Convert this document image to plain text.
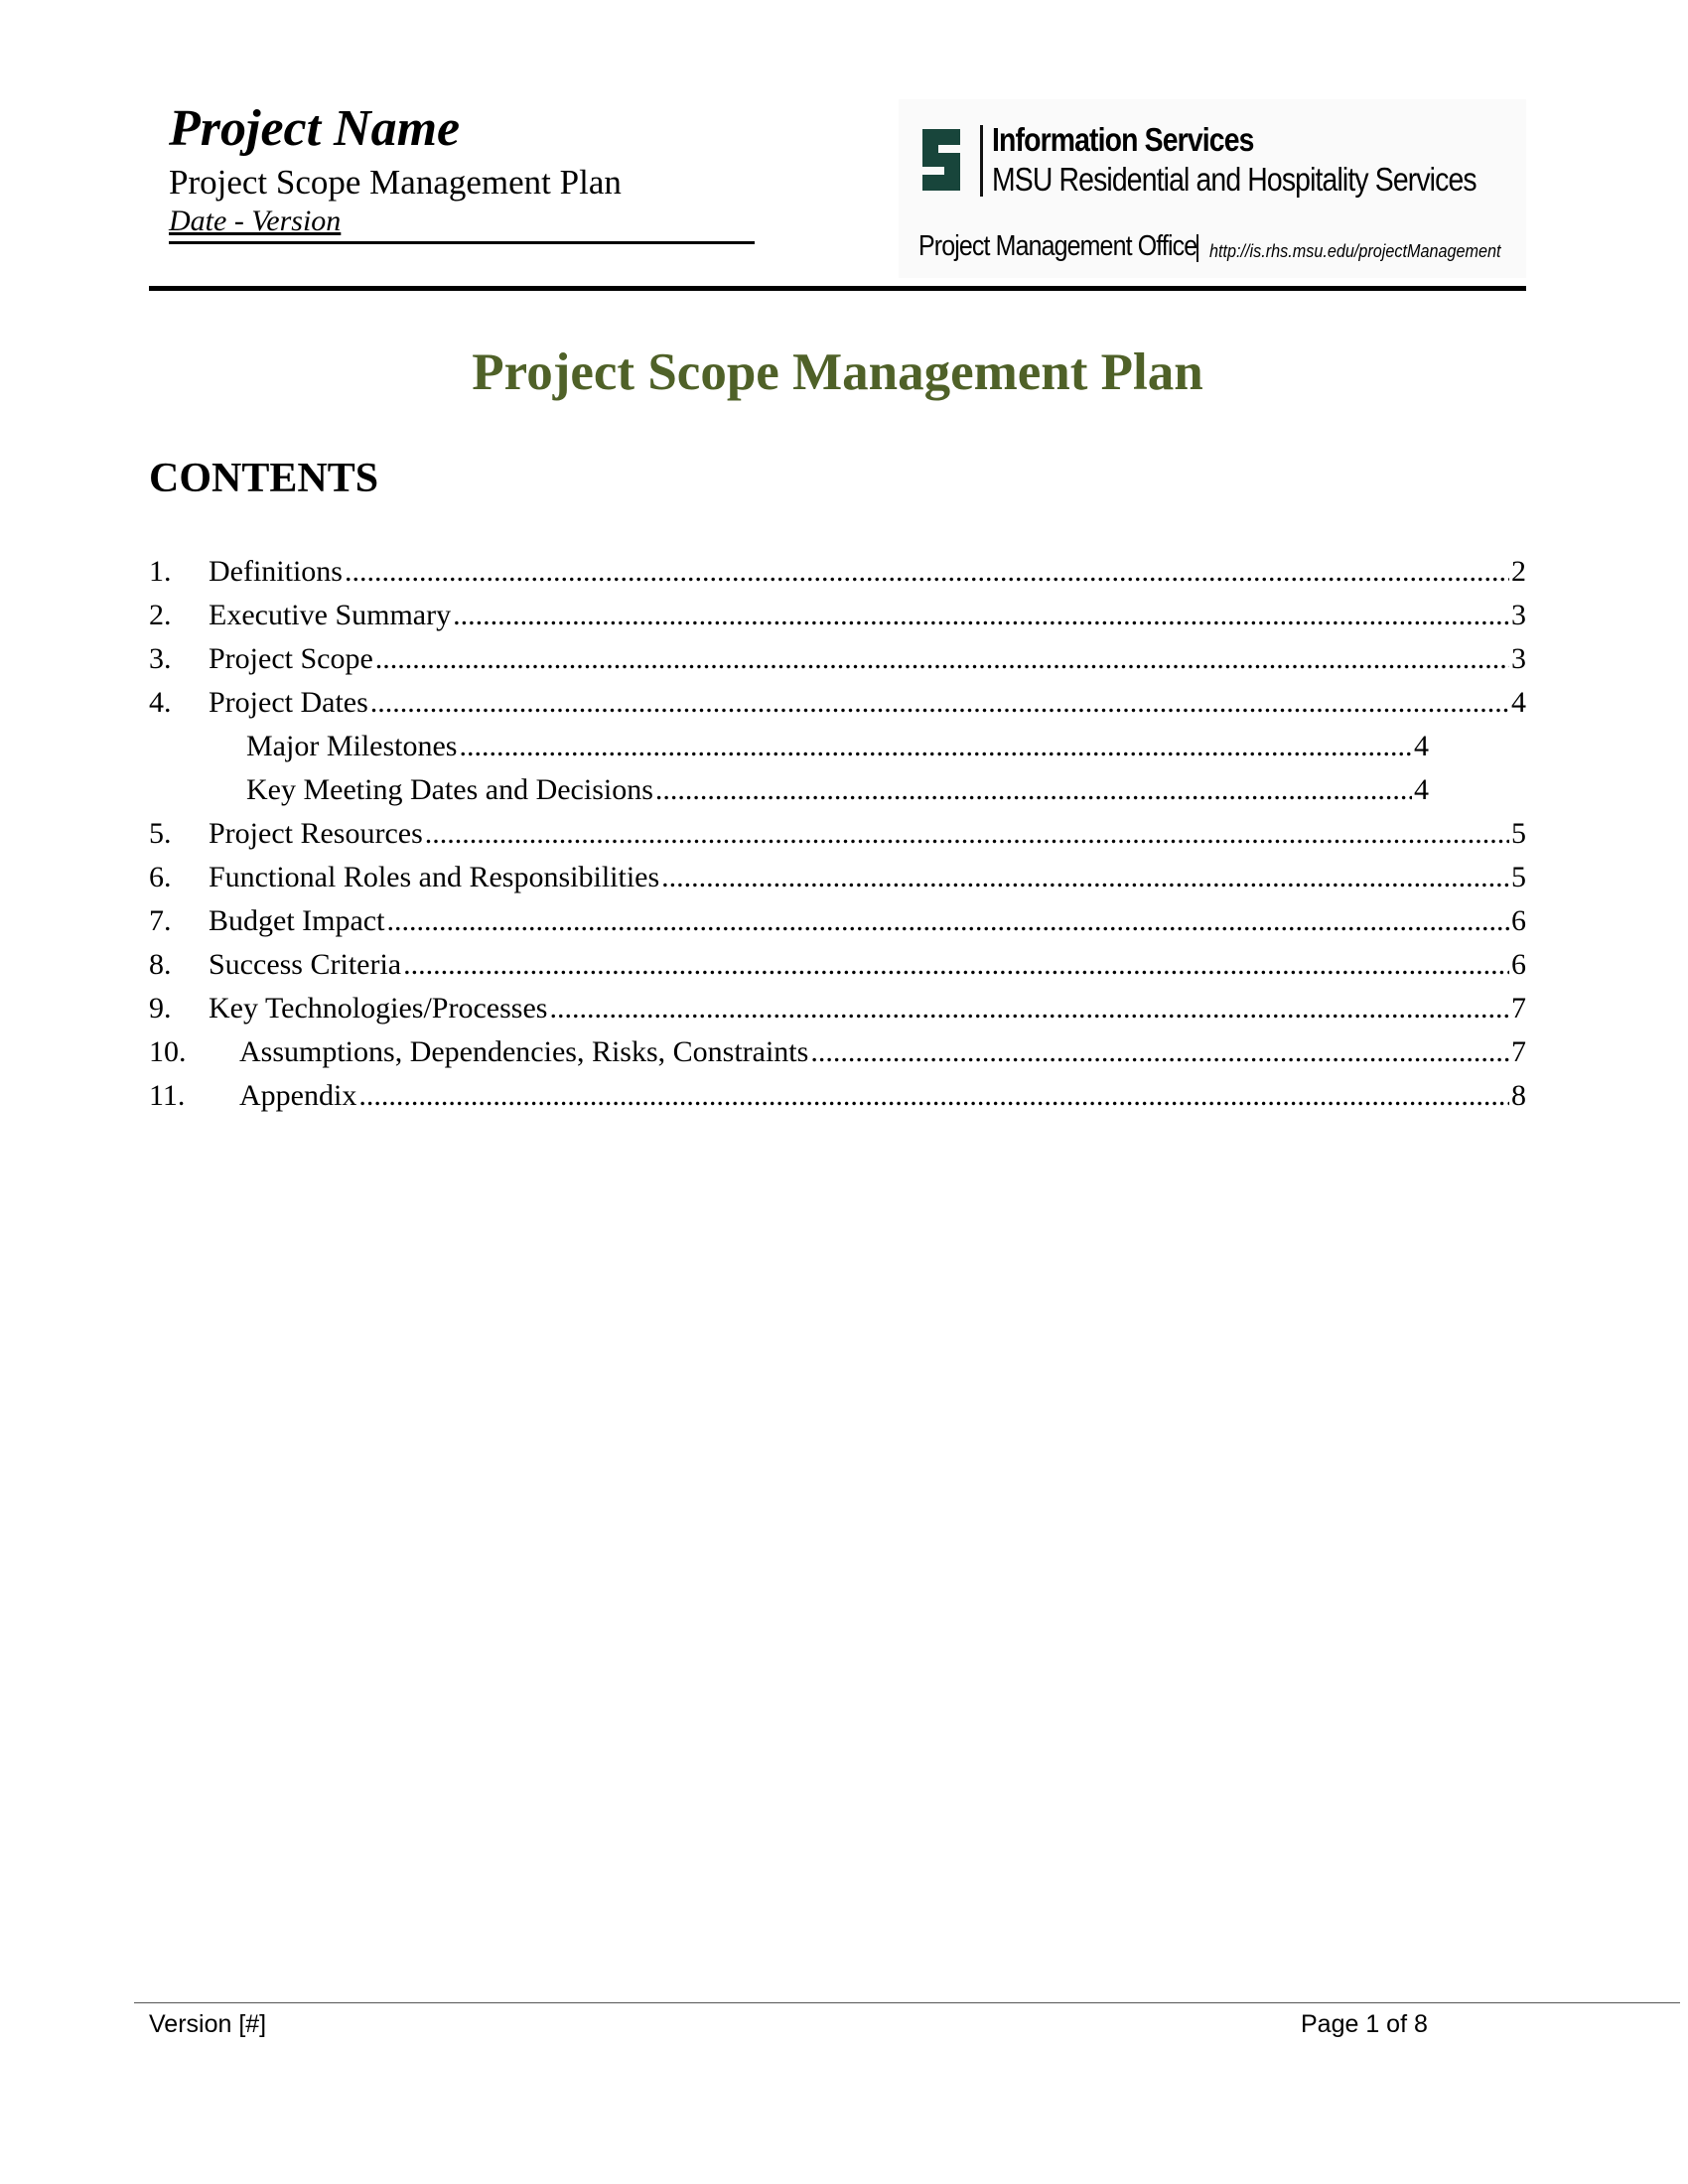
Project Name
Project Scope Management Plan
Date - Version
Information Services
MSU Residential and Hospitality Services
Project Management Office http://is.rhs.msu.edu/projectManagement
Project Scope Management Plan
CONTENTS
1.	Definitions .....	2
2.	Executive Summary .....	3
3.	Project Scope .....	3
4.	Project Dates .....	4
Major Milestones .....	4
Key Meeting Dates and Decisions .....	4
5.	Project Resources .....	5
6.	Functional Roles and Responsibilities .....	5
7.	Budget Impact .....	6
8.	Success Criteria .....	6
9.	Key Technologies/Processes .....	7
10.	Assumptions, Dependencies, Risks, Constraints .....	7
11.	Appendix .....	8
Version [#]	Page 1 of 8
